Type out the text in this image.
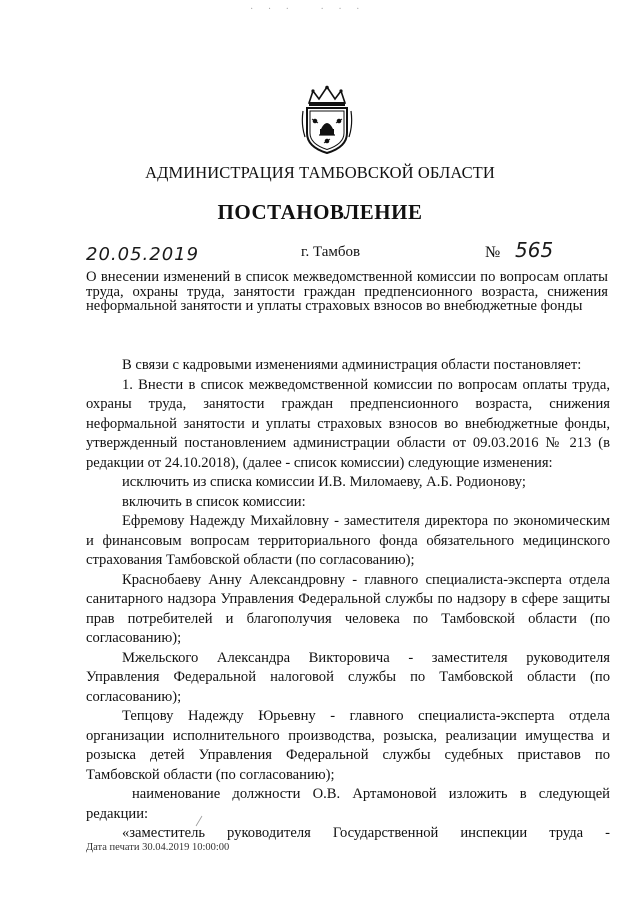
· · ·   · · ·
АДМИНИСТРАЦИЯ ТАМБОВСКОЙ ОБЛАСТИ
ПОСТАНОВЛЕНИЕ
20.05.2019	г. Тамбов	№ 565
О внесении изменений в список межведомственной комиссии по вопросам оплаты труда, охраны труда, занятости граждан предпенсионного возраста, снижения неформальной занятости и уплаты страховых взносов во внебюджетные фонды

В связи с кадровыми изменениями администрация области постановляет:

1. Внести в список межведомственной комиссии по вопросам оплаты труда, охраны труда, занятости граждан предпенсионного возраста, снижения неформальной занятости и уплаты страховых взносов во внебюджетные фонды, утвержденный постановлением администрации области от 09.03.2016 № 213 (в редакции от 24.10.2018), (далее - список комиссии) следующие изменения:

исключить из списка комиссии И.В. Миломаеву, А.Б. Родионову;

включить в список комиссии:

Ефремову Надежду Михайловну - заместителя директора по экономическим и финансовым вопросам территориального фонда обязательного медицинского страхования Тамбовской области (по согласованию);

Краснобаеву Анну Александровну - главного специалиста-эксперта отдела санитарного надзора Управления Федеральной службы по надзору в сфере защиты прав потребителей и благополучия человека по Тамбовской области (по согласованию);

Мжельского Александра Викторовича - заместителя руководителя Управления Федеральной налоговой службы по Тамбовской области (по согласованию);

Тепцову Надежду Юрьевну - главного специалиста-эксперта отдела организации исполнительного производства, розыска, реализации имущества и розыска детей Управления Федеральной службы судебных приставов по Тамбовской области (по согласованию);

наименование должности О.В. Артамоновой изложить в следующей редакции:

«заместитель руководителя Государственной инспекции труда -

Дата печати 30.04.2019 10:00:00
